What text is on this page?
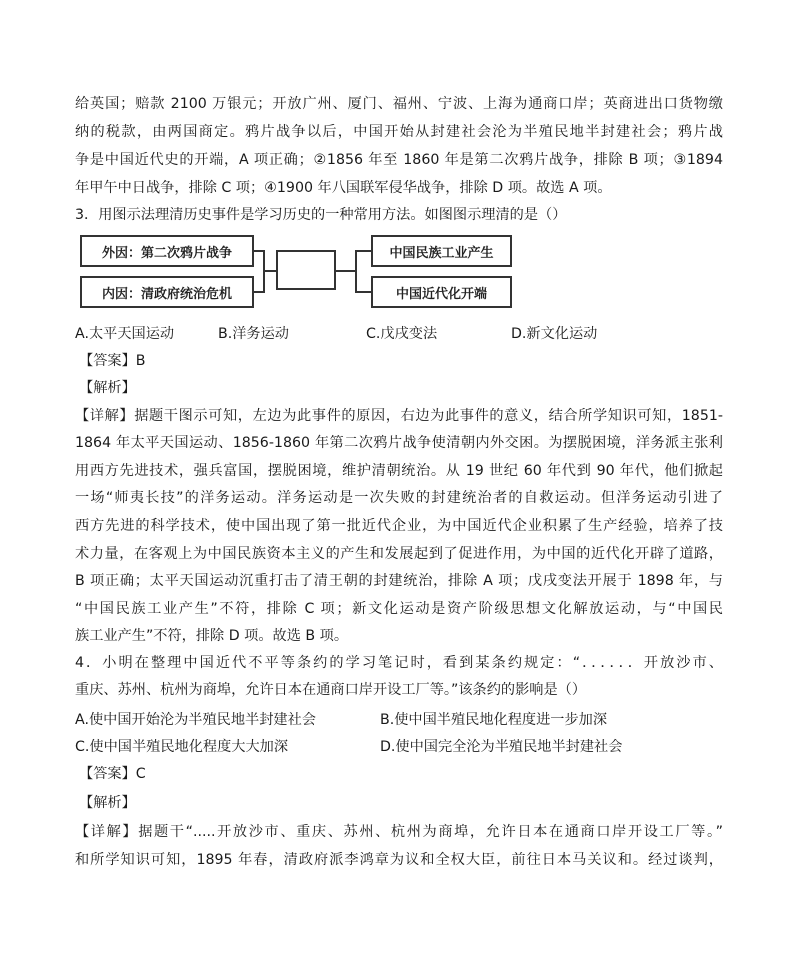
给英国；赔款 2100 万银元；开放广州、厦门、福州、宁波、上海为通商口岸；英商进出口货物缴
纳的税款，由两国商定。鸦片战争以后，中国开始从封建社会沦为半殖民地半封建社会；鸦片战
争是中国近代史的开端，A 项正确；②1856 年至 1860 年是第二次鸦片战争，排除 B 项；③1894
年甲午中日战争，排除 C 项；④1900 年八国联军侵华战争，排除 D 项。故选 A 项。
3．用图示法理清历史事件是学习历史的一种常用方法。如图图示理清的是（）
外因：第二次鸦片战争
内因：清政府统治危机
中国民族工业产生
中国近代化开端
A.太平天国运动	B.洋务运动	C.戊戌变法	D.新文化运动
【答案】B
【解析】
【详解】据题干图示可知，左边为此事件的原因，右边为此事件的意义，结合所学知识可知，1851-
1864 年太平天国运动、1856-1860 年第二次鸦片战争使清朝内外交困。为摆脱困境，洋务派主张利
用西方先进技术，强兵富国，摆脱困境，维护清朝统治。从 19 世纪 60 年代到 90 年代，他们掀起
一场“师夷长技”的洋务运动。洋务运动是一次失败的封建统治者的自救运动。但洋务运动引进了
西方先进的科学技术，使中国出现了第一批近代企业，为中国近代企业积累了生产经验，培养了技
术力量，在客观上为中国民族资本主义的产生和发展起到了促进作用，为中国的近代化开辟了道路，
B 项正确；太平天国运动沉重打击了清王朝的封建统治，排除 A 项；戊戌变法开展于 1898 年，与
“中国民族工业产生”不符，排除 C 项；新文化运动是资产阶级思想文化解放运动，与“中国民
族工业产生”不符，排除 D 项。故选 B 项。
4．小明在整理中国近代不平等条约的学习笔记时，看到某条约规定：“．．．．．．开放沙市、
重庆、苏州、杭州为商埠，允许日本在通商口岸开设工厂等。”该条约的影响是（）
A.使中国开始沦为半殖民地半封建社会	B.使中国半殖民地化程度进一步加深
C.使中国半殖民地化程度大大加深	D.使中国完全沦为半殖民地半封建社会
【答案】C
【解析】
【详解】据题干“.....开放沙市、重庆、苏州、杭州为商埠，允许日本在通商口岸开设工厂等。”
和所学知识可知，1895 年春，清政府派李鸿章为议和全权大臣，前往日本马关议和。经过谈判，
